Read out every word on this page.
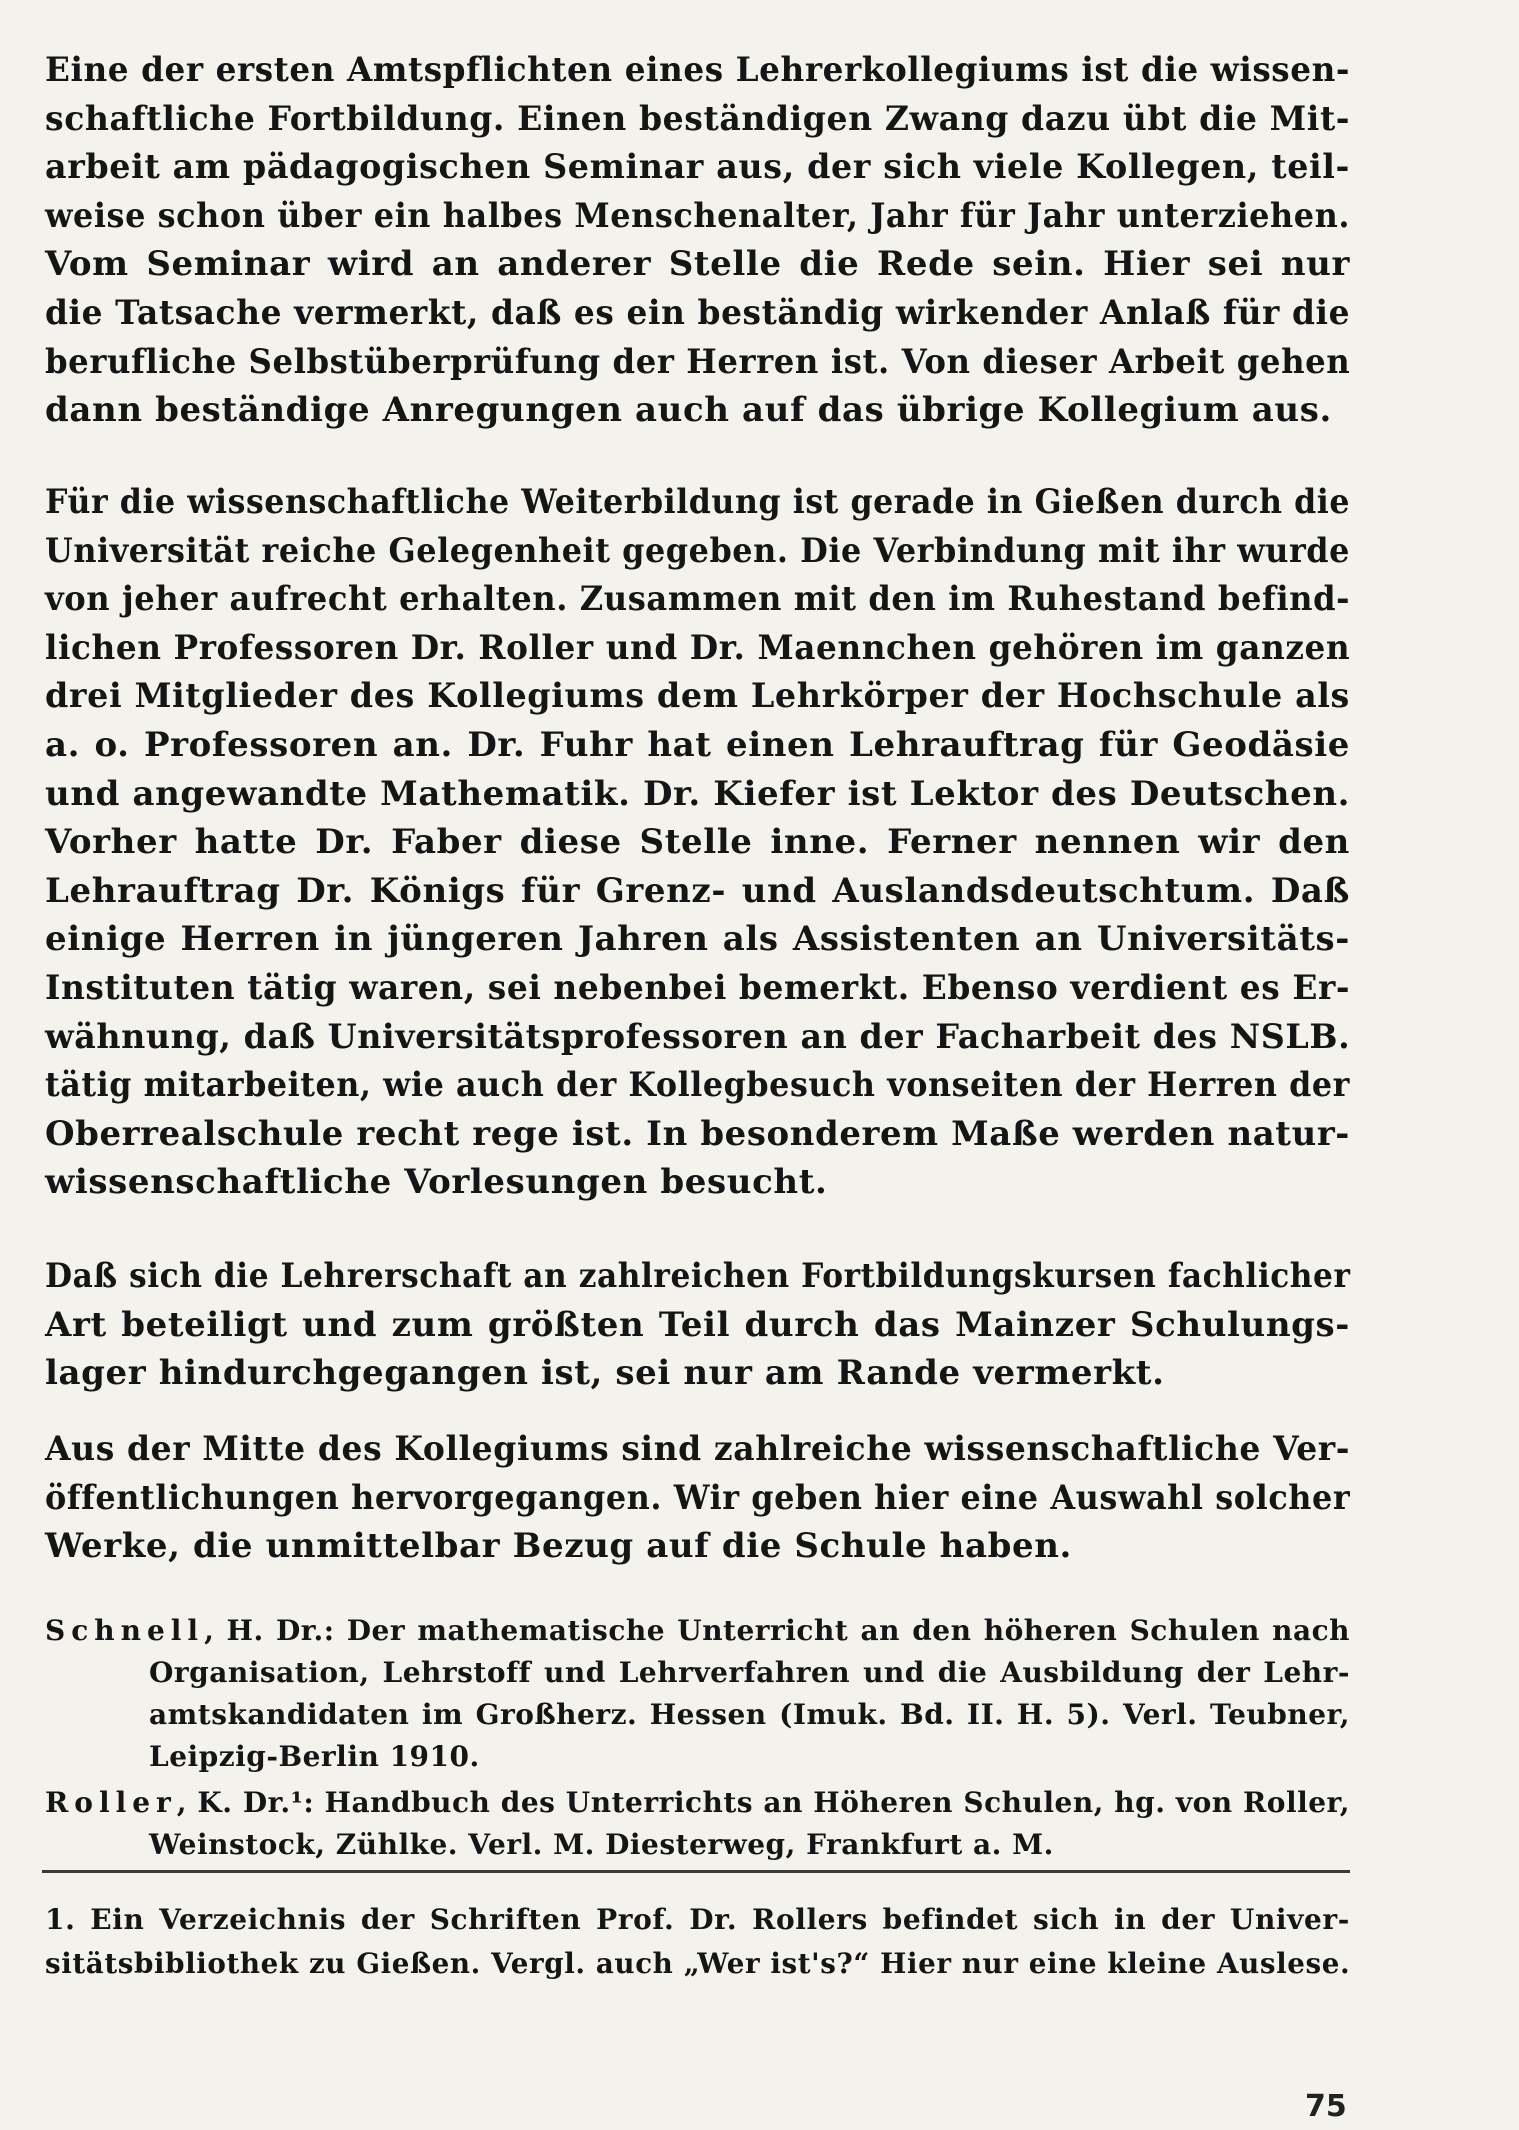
Eine der ersten Amtspflichten eines Lehrerkollegiums ist die wissen-
schaftliche Fortbildung. Einen beständigen Zwang dazu übt die Mit-
arbeit am pädagogischen Seminar aus, der sich viele Kollegen, teil-
weise schon über ein halbes Menschenalter, Jahr für Jahr unterziehen.
Vom Seminar wird an anderer Stelle die Rede sein. Hier sei nur
die Tatsache vermerkt, daß es ein beständig wirkender Anlaß für die
berufliche Selbstüberprüfung der Herren ist. Von dieser Arbeit gehen
dann beständige Anregungen auch auf das übrige Kollegium aus.
Für die wissenschaftliche Weiterbildung ist gerade in Gießen durch die
Universität reiche Gelegenheit gegeben. Die Verbindung mit ihr wurde
von jeher aufrecht erhalten. Zusammen mit den im Ruhestand befind-
lichen Professoren Dr. Roller und Dr. Maennchen gehören im ganzen
drei Mitglieder des Kollegiums dem Lehrkörper der Hochschule als
a. o. Professoren an. Dr. Fuhr hat einen Lehrauftrag für Geodäsie
und angewandte Mathematik. Dr. Kiefer ist Lektor des Deutschen.
Vorher hatte Dr. Faber diese Stelle inne. Ferner nennen wir den
Lehrauftrag Dr. Königs für Grenz- und Auslandsdeutschtum. Daß
einige Herren in jüngeren Jahren als Assistenten an Universitäts-
Instituten tätig waren, sei nebenbei bemerkt. Ebenso verdient es Er-
wähnung, daß Universitätsprofessoren an der Facharbeit des NSLB.
tätig mitarbeiten, wie auch der Kollegbesuch vonseiten der Herren der
Oberrealschule recht rege ist. In besonderem Maße werden natur-
wissenschaftliche Vorlesungen besucht.
Daß sich die Lehrerschaft an zahlreichen Fortbildungskursen fachlicher
Art beteiligt und zum größten Teil durch das Mainzer Schulungs-
lager hindurchgegangen ist, sei nur am Rande vermerkt.
Aus der Mitte des Kollegiums sind zahlreiche wissenschaftliche Ver-
öffentlichungen hervorgegangen. Wir geben hier eine Auswahl solcher
Werke, die unmittelbar Bezug auf die Schule haben.
Schnell, H. Dr.: Der mathematische Unterricht an den höheren Schulen nach
Organisation, Lehrstoff und Lehrverfahren und die Ausbildung der Lehr-
amtskandidaten im Großherz. Hessen (Imuk. Bd. II. H. 5). Verl. Teubner,
Leipzig-Berlin 1910.
Roller, K. Dr.¹: Handbuch des Unterrichts an Höheren Schulen, hg. von Roller,
Weinstock, Zühlke. Verl. M. Diesterweg, Frankfurt a. M.
1. Ein Verzeichnis der Schriften Prof. Dr. Rollers befindet sich in der Univer-
sitätsbibliothek zu Gießen. Vergl. auch „Wer ist's?“ Hier nur eine kleine Auslese.
75
